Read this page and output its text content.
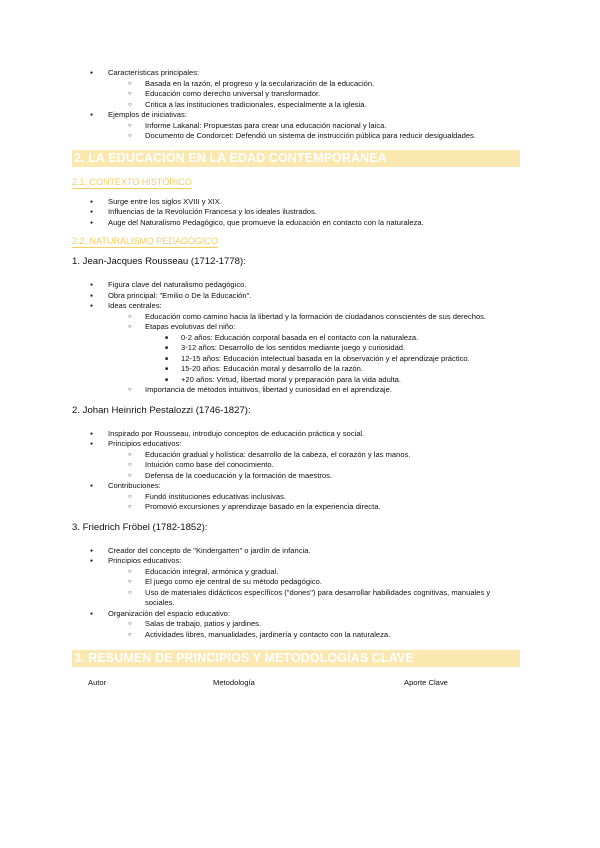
● Características principales:
○ Basada en la razón, el progreso y la secularización de la educación.
○ Educación como derecho universal y transformador.
○ Critica a las instituciones tradicionales, especialmente a la iglesia.
● Ejemplos de iniciativas:
○ Informe Lakanal: Propuestas para crear una educación nacional y laica.
○ Documento de Condorcet: Defendió un sistema de instrucción pública para reducir desigualdades.
2. LA EDUCACIÓN EN LA EDAD CONTEMPORÁNEA
2.1. CONTEXTO HISTÓRICO
● Surge entre los siglos XVIII y XIX.
● Influencias de la Revolución Francesa y los ideales ilustrados.
● Auge del Naturalismo Pedagógico, que promueve la educación en contacto con la naturaleza.
2.2. NATURALISMO PEDAGÓGICO
1. Jean-Jacques Rousseau (1712-1778):
● Figura clave del naturalismo pedagógico.
● Obra principal: "Emilio o De la Educación".
● Ideas centrales:
○ Educación como camino hacia la libertad y la formación de ciudadanos conscientes de sus derechos.
○ Etapas evolutivas del niño:
■ 0-2 años: Educación corporal basada en el contacto con la naturaleza.
■ 3-12 años: Desarrollo de los sentidos mediante juego y curiosidad.
■ 12-15 años: Educación intelectual basada en la observación y el aprendizaje práctico.
■ 15-20 años: Educación moral y desarrollo de la razón.
■ +20 años: Virtud, libertad moral y preparación para la vida adulta.
○ Importancia de métodos intuitivos, libertad y curiosidad en el aprendizaje.
2. Johan Heinrich Pestalozzi (1746-1827):
● Inspirado por Rousseau, introdujo conceptos de educación práctica y social.
● Principios educativos:
○ Educación gradual y holística: desarrollo de la cabeza, el corazón y las manos.
○ Intuición como base del conocimiento.
○ Defensa de la coeducación y la formación de maestros.
● Contribuciones:
○ Fundó instituciones educativas inclusivas.
○ Promovió excursiones y aprendizaje basado en la experiencia directa.
3. Friedrich Fröbel (1782-1852):
● Creador del concepto de "Kindergarten" o jardín de infancia.
● Principios educativos:
○ Educación integral, armónica y gradual.
○ El juego como eje central de su método pedagógico.
○ Uso de materiales didácticos específicos ("dones") para desarrollar habilidades cognitivas, manuales y sociales.
● Organización del espacio educativo:
○ Salas de trabajo, patios y jardines.
○ Actividades libres, manualidades, jardinería y contacto con la naturaleza.
3. RESUMEN DE PRINCIPIOS Y METODOLOGÍAS CLAVE
Autor	Metodología	Aporte Clave
